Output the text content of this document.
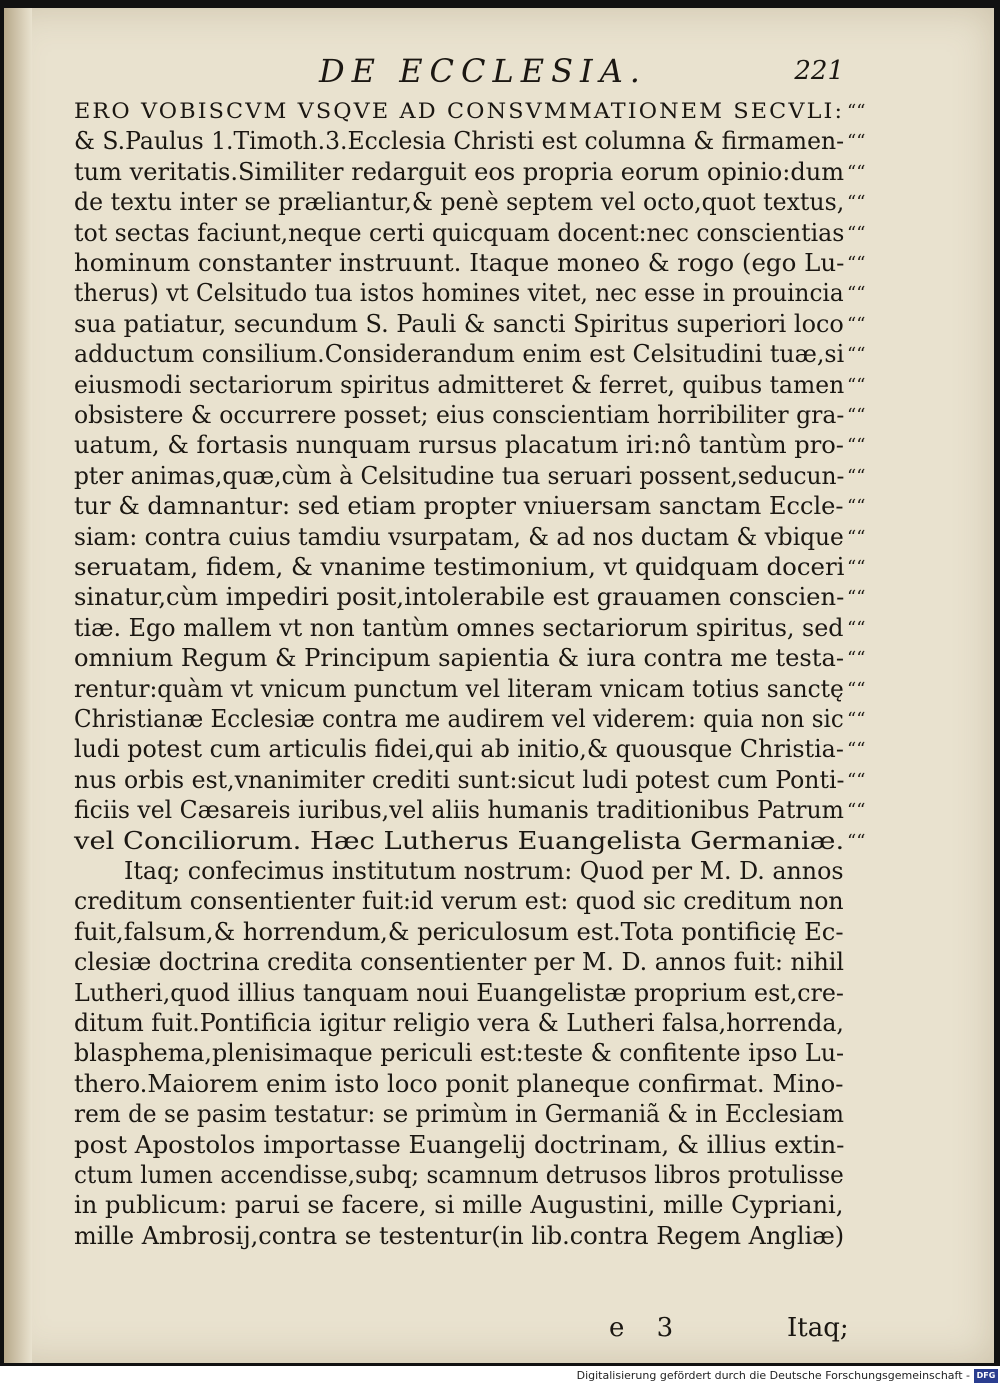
DE ECCLESIA.	221
ERO VOBISCVM VSQVE AD CONSVMMATIONEM SECVLI: ““
& S.Paulus 1.Timoth.3.Ecclesia Christi est columna & firmamen- ““
tum veritatis.Similiter redarguit eos propria eorum opinio:dum ““
de textu inter se præliantur,& penè septem vel octo,quot textus, ““
tot sectas faciunt,neque certi quicquam docent:nec conscientias ““
hominum constanter instruunt. Itaque moneo & rogo (ego Lu- ““
therus) vt Celsitudo tua istos homines vitet, nec esse in prouincia ““
sua patiatur, secundum S. Pauli & sancti Spiritus superiori loco ““
adductum consilium.Considerandum enim est Celsitudini tuæ,si ““
eiusmodi sectariorum spiritus admitteret & ferret, quibus tamen ““
obsistere & occurrere posset; eius conscientiam horribiliter gra- ““
uatum, & fortasis nunquam rursus placatum iri:nô tantùm pro- ““
pter animas,quæ,cùm à Celsitudine tua seruari possent,seducun- ““
tur & damnantur: sed etiam propter vniuersam sanctam Eccle- ““
siam: contra cuius tamdiu vsurpatam, & ad nos ductam & vbique ““
seruatam, fidem, & vnanime testimonium, vt quidquam doceri ““
sinatur,cùm impediri posit,intolerabile est grauamen conscien- ““
tiæ. Ego mallem vt non tantùm omnes sectariorum spiritus, sed ““
omnium Regum & Principum sapientia & iura contra me testa- ““
rentur:quàm vt vnicum punctum vel literam vnicam totius sanctę ““
Christianæ Ecclesiæ contra me audirem vel viderem: quia non sic ““
ludi potest cum articulis fidei,qui ab initio,& quousque Christia- ““
nus orbis est,vnanimiter crediti sunt:sicut ludi potest cum Ponti- ““
ficiis vel Cæsareis iuribus,vel aliis humanis traditionibus Patrum ““
vel Conciliorum. Hæc Lutherus Euangelista Germaniæ. ““
Itaq; confecimus institutum nostrum: Quod per M. D. annos
creditum consentienter fuit:id verum est: quod sic creditum non
fuit,falsum,& horrendum,& periculosum est.Tota pontificię Ec-
clesiæ doctrina credita consentienter per M. D. annos fuit: nihil
Lutheri,quod illius tanquam noui Euangelistæ proprium est,cre-
ditum fuit.Pontificia igitur religio vera & Lutheri falsa,horrenda,
blasphema,plenisimaque periculi est:teste & confitente ipso Lu-
thero.Maiorem enim isto loco ponit planeque confirmat. Mino-
rem de se pasim testatur: se primùm in Germaniã & in Ecclesiam
post Apostolos importasse Euangelij doctrinam, & illius extin-
ctum lumen accendisse,subq; scamnum detrusos libros protulisse
in publicum: parui se facere, si mille Augustini, mille Cypriani,
mille Ambrosij,contra se testentur(in lib.contra Regem Angliæ)
e 3	Itaq;
Digitalisierung gefördert durch die Deutsche Forschungsgemeinschaft - DFG
